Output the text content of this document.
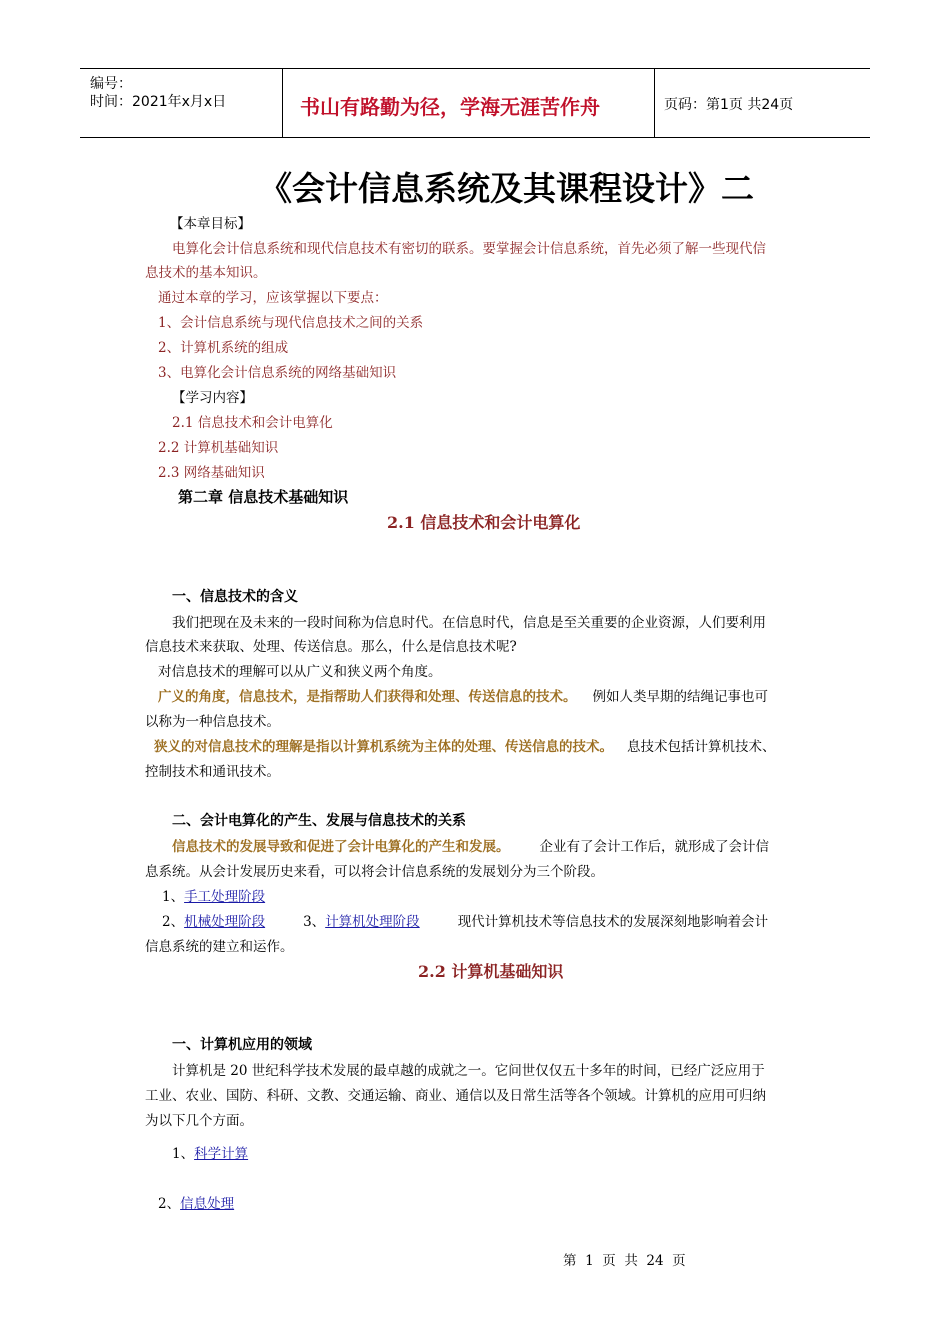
编号：
时间：2021年x月x日	书山有路勤为径，学海无涯苦作舟	页码：第1页 共24页
《会计信息系统及其课程设计》二
【本章目标】
电算化会计信息系统和现代信息技术有密切的联系。要掌握会计信息系统，首先必须了解一些现代信
息技术的基本知识。
通过本章的学习，应该掌握以下要点：
1、会计信息系统与现代信息技术之间的关系
2、计算机系统的组成
3、电算化会计信息系统的网络基础知识
【学习内容】
2.1 信息技术和会计电算化
2.2 计算机基础知识
2.3 网络基础知识
第二章 信息技术基础知识
2.1 信息技术和会计电算化
一、信息技术的含义
我们把现在及未来的一段时间称为信息时代。在信息时代，信息是至关重要的企业资源，人们要利用
信息技术来获取、处理、传送信息。那么，什么是信息技术呢?
对信息技术的理解可以从广义和狭义两个角度。
广义的角度，信息技术，是指帮助人们获得和处理、传送信息的技术。 例如人类早期的结绳记事也可
以称为一种信息技术。
狭义的对信息技术的理解是指以计算机系统为主体的处理、传送信息的技术。 息技术包括计算机技术、
控制技术和通讯技术。
二、会计电算化的产生、发展与信息技术的关系
信息技术的发展导致和促进了会计电算化的产生和发展。 企业有了会计工作后，就形成了会计信
息系统。从会计发展历史来看，可以将会计信息系统的发展划分为三个阶段。
1、手工处理阶段
2、机械处理阶段	3、计算机处理阶段	现代计算机技术等信息技术的发展深刻地影响着会计
信息系统的建立和运作。
2.2 计算机基础知识
一、计算机应用的领域
计算机是 20 世纪科学技术发展的最卓越的成就之一。它问世仅仅五十多年的时间，已经广泛应用于
工业、农业、国防、科研、文教、交通运输、商业、通信以及日常生活等各个领域。计算机的应用可归纳
为以下几个方面。
1、科学计算
2、信息处理
第  1  页  共  24  页
